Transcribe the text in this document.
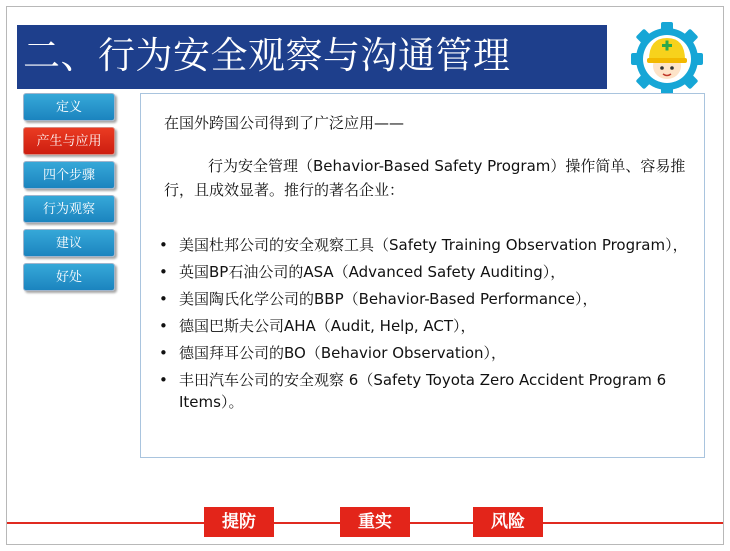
二、行为安全观察与沟通管理
定义
产生与应用
四个步骤
行为观察
建议
好处
在国外跨国公司得到了广泛应用——
行为安全管理（Behavior-Based Safety Program）操作简单、容易推行，且成效显著。推行的著名企业：
• 美国杜邦公司的安全观察工具（Safety Training Observation Program），
• 英国BP石油公司的ASA（Advanced Safety Auditing），
• 美国陶氏化学公司的BBP（Behavior-Based Performance），
• 德国巴斯夫公司AHA（Audit, Help, ACT），
• 德国拜耳公司的BO（Behavior Observation），
• 丰田汽车公司的安全观察 6（Safety Toyota Zero Accident Program 6 Items）。
提防	重实	风险
